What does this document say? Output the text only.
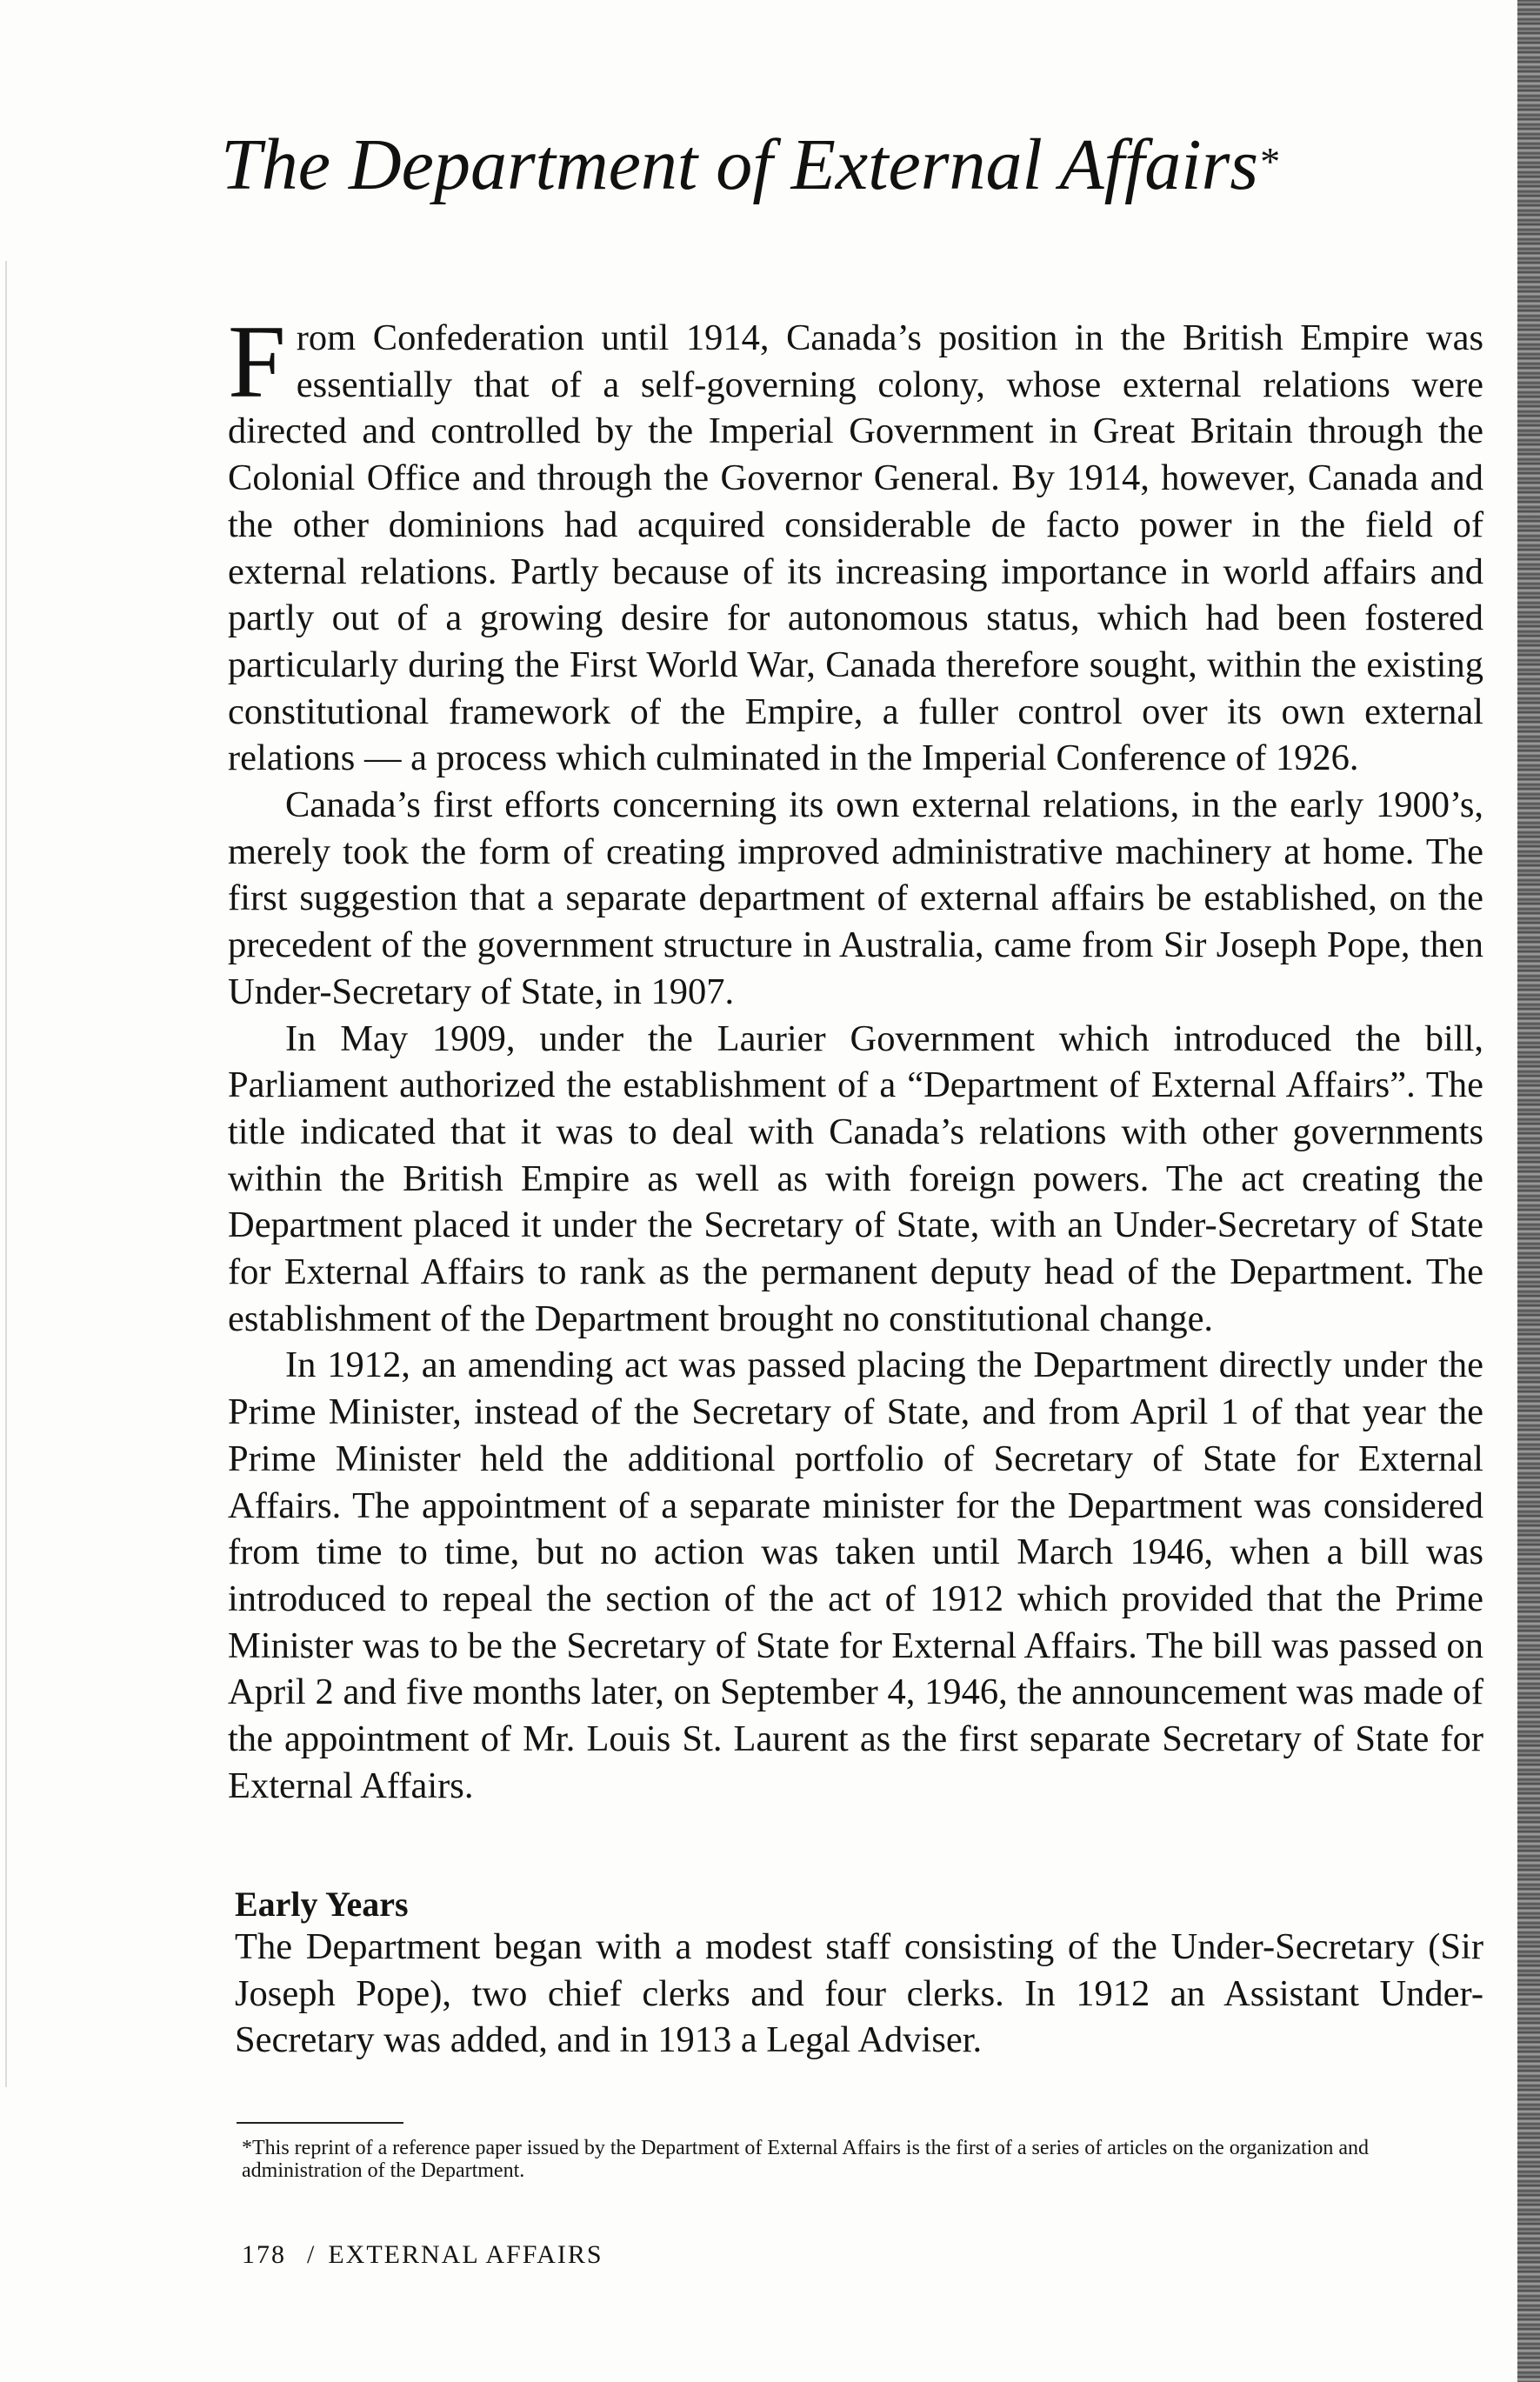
The Department of External Affairs*

From Confederation until 1914, Canada’s position in the British Empire was essentially that of a self-governing colony, whose external relations were directed and controlled by the Imperial Government in Great Britain through the Colonial Office and through the Governor General. By 1914, however, Canada and the other dominions had acquired considerable de facto power in the field of external relations. Partly because of its increasing importance in world affairs and partly out of a growing desire for autonomous status, which had been fostered particularly during the First World War, Canada therefore sought, within the existing constitutional framework of the Empire, a fuller control over its own external relations — a process which culminated in the Imperial Conference of 1926.

Canada’s first efforts concerning its own external relations, in the early 1900’s, merely took the form of creating improved administrative machinery at home. The first suggestion that a separate department of external affairs be established, on the precedent of the government structure in Australia, came from Sir Joseph Pope, then Under-Secretary of State, in 1907.

In May 1909, under the Laurier Government which introduced the bill, Parliament authorized the establishment of a “Department of External Affairs”. The title indicated that it was to deal with Canada’s relations with other governments within the British Empire as well as with foreign powers. The act creating the Department placed it under the Secretary of State, with an Under-Secretary of State for External Affairs to rank as the permanent deputy head of the Department. The establishment of the Department brought no constitutional change.

In 1912, an amending act was passed placing the Department directly under the Prime Minister, instead of the Secretary of State, and from April 1 of that year the Prime Minister held the additional portfolio of Secretary of State for External Affairs. The appointment of a separate minister for the Department was considered from time to time, but no action was taken until March 1946, when a bill was introduced to repeal the section of the act of 1912 which provided that the Prime Minister was to be the Secretary of State for External Affairs. The bill was passed on April 2 and five months later, on September 4, 1946, the announcement was made of the appointment of Mr. Louis St. Laurent as the first separate Secretary of State for External Affairs.

Early Years

The Department began with a modest staff consisting of the Under-Secretary (Sir Joseph Pope), two chief clerks and four clerks. In 1912 an Assistant Under-Secretary was added, and in 1913 a Legal Adviser.

*This reprint of a reference paper issued by the Department of External Affairs is the first of a series of articles on the organization and administration of the Department.

178 / EXTERNAL AFFAIRS
